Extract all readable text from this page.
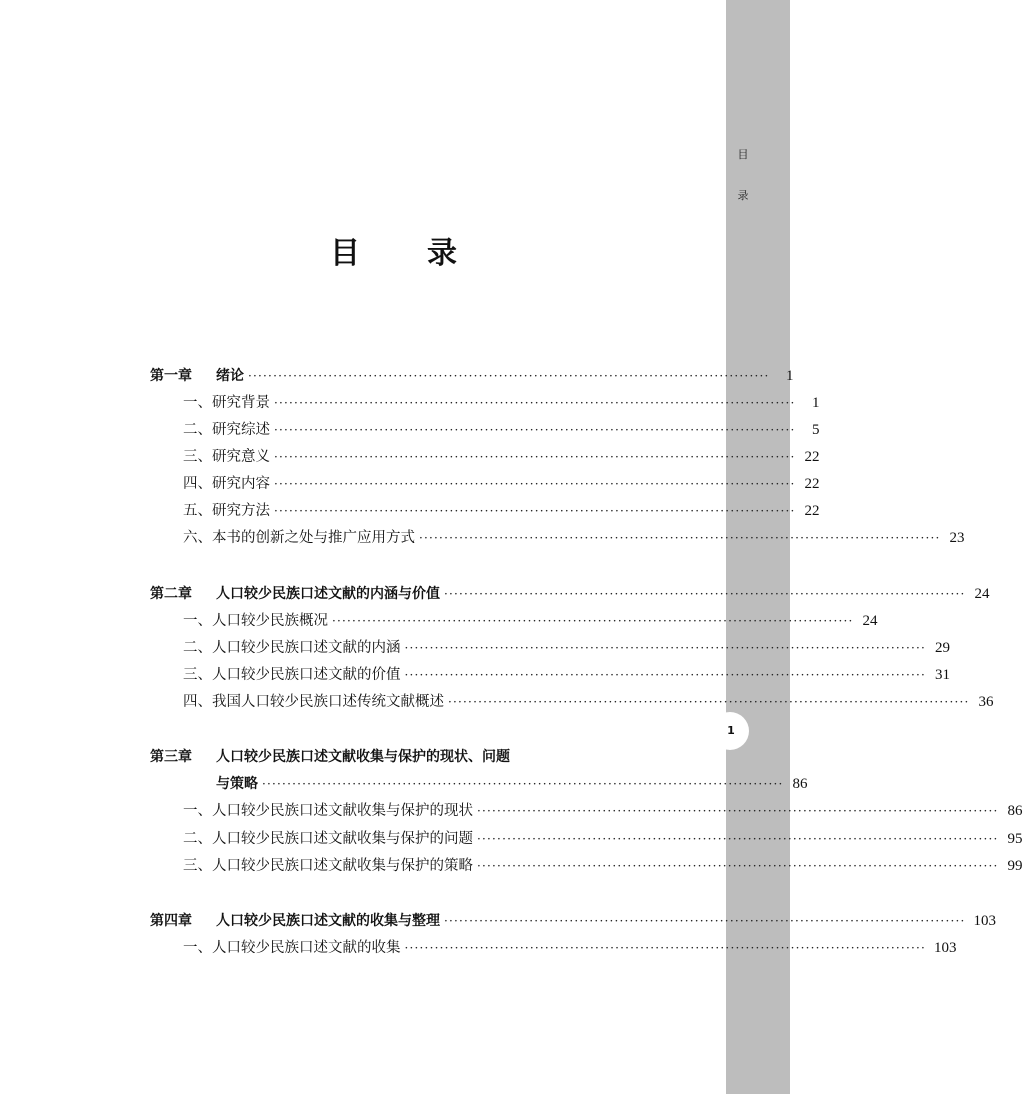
目
录
1
目 录
第一章	绪论 ········································································································	1
一、研究背景 ········································································································	1
二、研究综述 ········································································································	5
三、研究意义 ········································································································ 22
四、研究内容 ········································································································ 22
五、研究方法 ········································································································ 22
六、本书的创新之处与推广应用方式 ········································································································ 23
第二章	人口较少民族口述文献的内涵与价值 ········································································································ 24
一、人口较少民族概况 ········································································································ 24
二、人口较少民族口述文献的内涵 ········································································································ 29
三、人口较少民族口述文献的价值 ········································································································ 31
四、我国人口较少民族口述传统文献概述 ········································································································ 36
第三章	人口较少民族口述文献收集与保护的现状、问题
与策略 ········································································································ 86
一、人口较少民族口述文献收集与保护的现状 ········································································································ 86
二、人口较少民族口述文献收集与保护的问题 ········································································································ 95
三、人口较少民族口述文献收集与保护的策略 ········································································································ 99
第四章	人口较少民族口述文献的收集与整理 ········································································································ 103
一、人口较少民族口述文献的收集 ········································································································ 103
